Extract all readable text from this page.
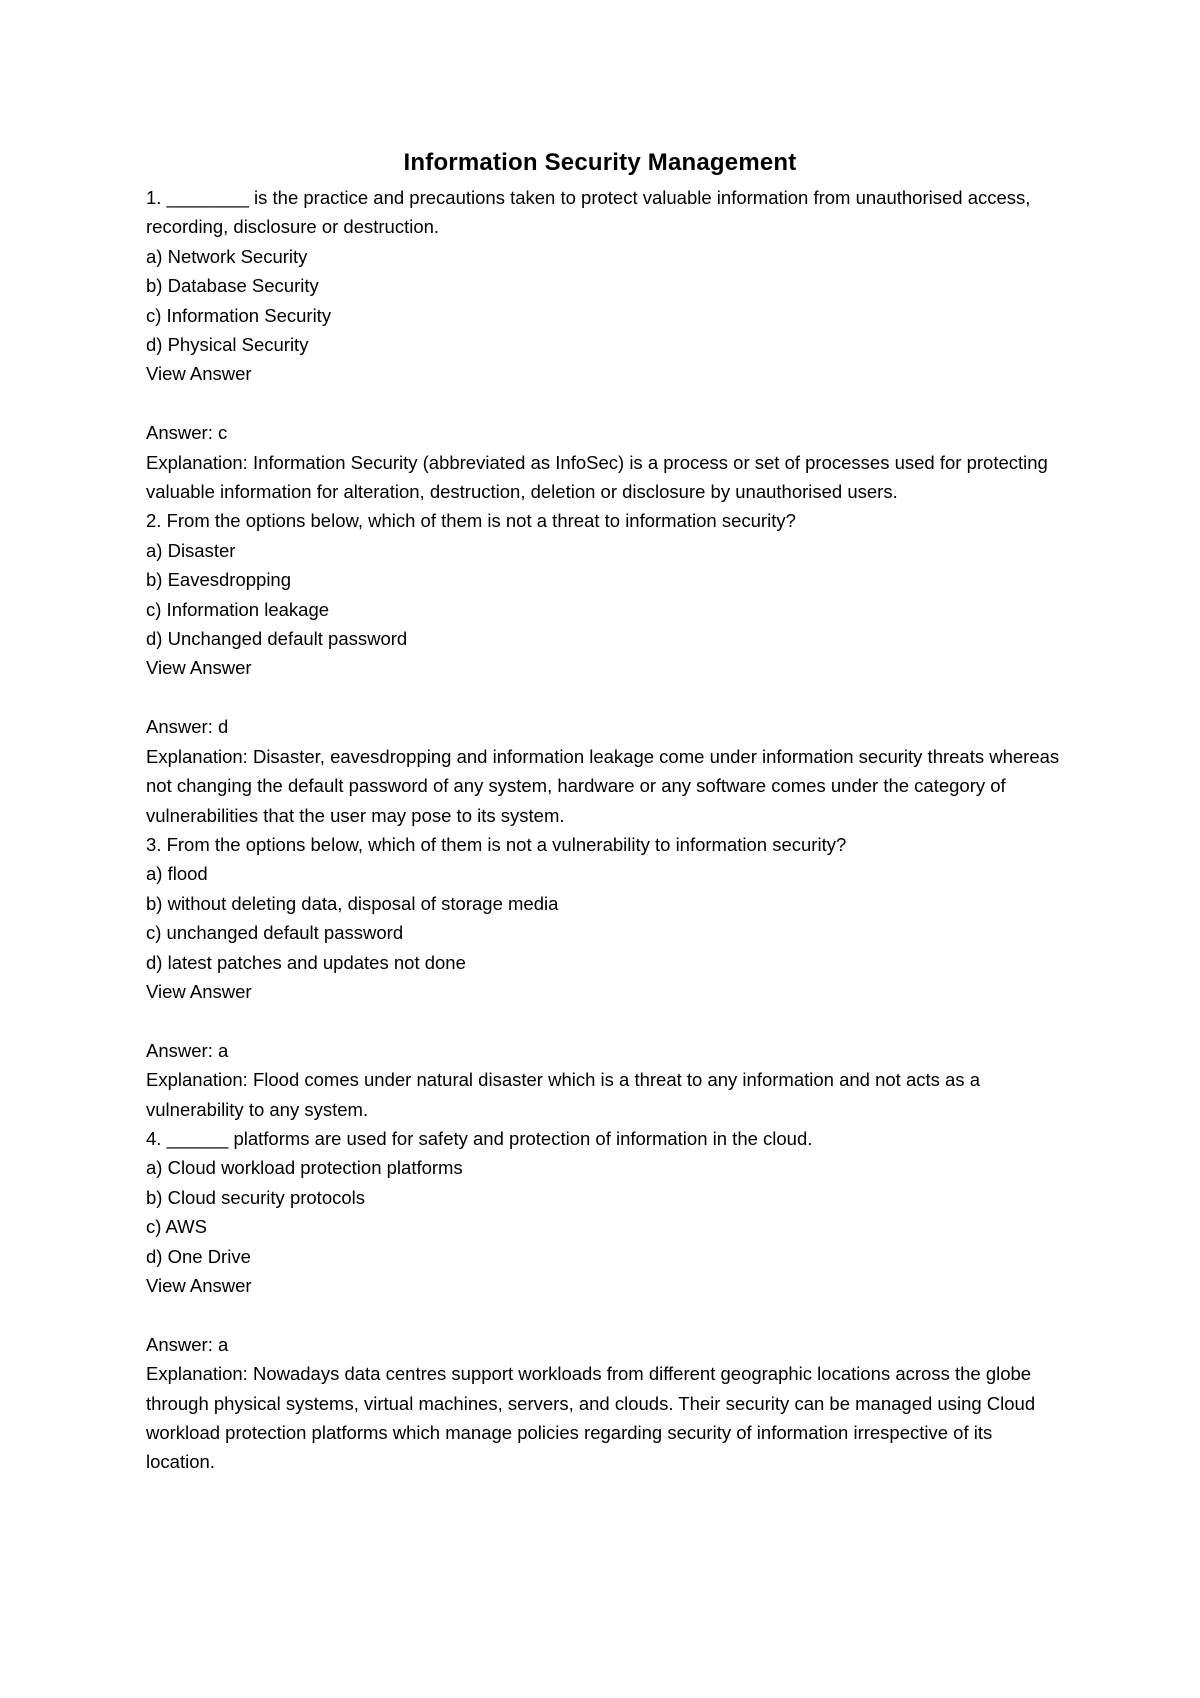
Information Security Management
1. ________ is the practice and precautions taken to protect valuable information from unauthorised access, recording, disclosure or destruction.
a) Network Security
b) Database Security
c) Information Security
d) Physical Security
View Answer
Answer: c
Explanation: Information Security (abbreviated as InfoSec) is a process or set of processes used for protecting valuable information for alteration, destruction, deletion or disclosure by unauthorised users.
2. From the options below, which of them is not a threat to information security?
a) Disaster
b) Eavesdropping
c) Information leakage
d) Unchanged default password
View Answer
Answer: d
Explanation: Disaster, eavesdropping and information leakage come under information security threats whereas not changing the default password of any system, hardware or any software comes under the category of vulnerabilities that the user may pose to its system.
3. From the options below, which of them is not a vulnerability to information security?
a) flood
b) without deleting data, disposal of storage media
c) unchanged default password
d) latest patches and updates not done
View Answer
Answer: a
Explanation: Flood comes under natural disaster which is a threat to any information and not acts as a vulnerability to any system.
4. ______ platforms are used for safety and protection of information in the cloud.
a) Cloud workload protection platforms
b) Cloud security protocols
c) AWS
d) One Drive
View Answer
Answer: a
Explanation: Nowadays data centres support workloads from different geographic locations across the globe through physical systems, virtual machines, servers, and clouds. Their security can be managed using Cloud workload protection platforms which manage policies regarding security of information irrespective of its location.
